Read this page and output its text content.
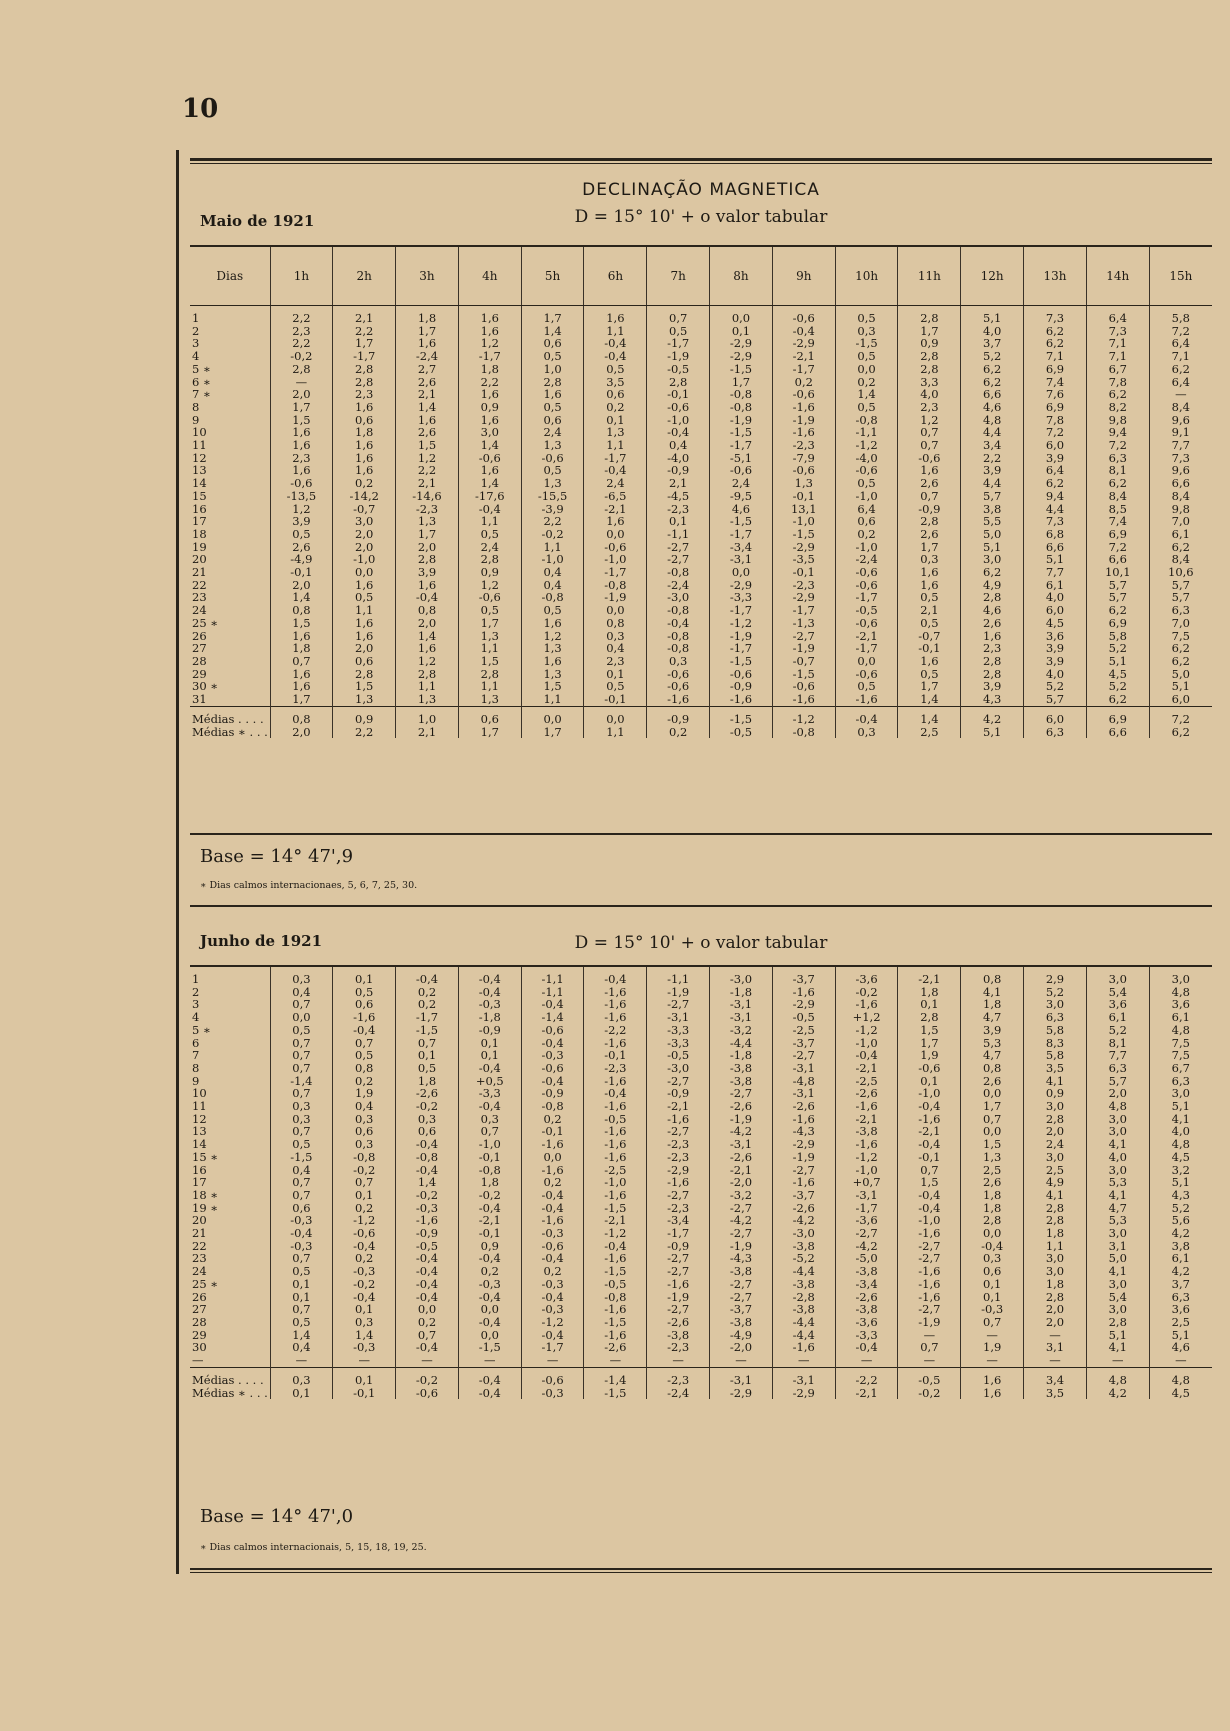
10
DECLINAÇÃO MAGNETICA
Maio de 1921	D = 15° 10' + o valor tabular
Dias	1h	2h	3h	4h	5h	6h	7h	8h	9h	10h	11h	12h	13h	14h	15h
1	2,2	2,1	1,8	1,6	1,7	1,6	0,7	0,0	-0,6	0,5	2,8	5,1	7,3	6,4	5,8
2	2,3	2,2	1,7	1,6	1,4	1,1	0,5	0,1	-0,4	0,3	1,7	4,0	6,2	7,3	7,2
3	2,2	1,7	1,6	1,2	0,6	-0,4	-1,7	-2,9	-2,9	-1,5	0,9	3,7	6,2	7,1	6,4
4	-0,2	-1,7	-2,4	-1,7	0,5	-0,4	-1,9	-2,9	-2,1	0,5	2,8	5,2	7,1	7,1	7,1
5 ∗	2,8	2,8	2,7	1,8	1,0	0,5	-0,5	-1,5	-1,7	0,0	2,8	6,2	6,9	6,7	6,2
6 ∗	—	2,8	2,6	2,2	2,8	3,5	2,8	1,7	0,2	0,2	3,3	6,2	7,4	7,8	6,4
7 ∗	2,0	2,3	2,1	1,6	1,6	0,6	-0,1	-0,8	-0,6	1,4	4,0	6,6	7,6	6,2	—
8	1,7	1,6	1,4	0,9	0,5	0,2	-0,6	-0,8	-1,6	0,5	2,3	4,6	6,9	8,2	8,4
9	1,5	0,6	1,6	1,6	0,6	0,1	-1,0	-1,9	-1,9	-0,8	1,2	4,8	7,8	9,8	9,6
10	1,6	1,8	2,6	3,0	2,4	1,3	-0,4	-1,5	-1,6	-1,1	0,7	4,4	7,2	9,4	9,1
11	1,6	1,6	1,5	1,4	1,3	1,1	0,4	-1,7	-2,3	-1,2	0,7	3,4	6,0	7,2	7,7
12	2,3	1,6	1,2	-0,6	-0,6	-1,7	-4,0	-5,1	-7,9	-4,0	-0,6	2,2	3,9	6,3	7,3
13	1,6	1,6	2,2	1,6	0,5	-0,4	-0,9	-0,6	-0,6	-0,6	1,6	3,9	6,4	8,1	9,6
14	-0,6	0,2	2,1	1,4	1,3	2,4	2,1	2,4	1,3	0,5	2,6	4,4	6,2	6,2	6,6
15	-13,5	-14,2	-14,6	-17,6	-15,5	-6,5	-4,5	-9,5	-0,1	-1,0	0,7	5,7	9,4	8,4	8,4
16	1,2	-0,7	-2,3	-0,4	-3,9	-2,1	-2,3	4,6	13,1	6,4	-0,9	3,8	4,4	8,5	9,8
17	3,9	3,0	1,3	1,1	2,2	1,6	0,1	-1,5	-1,0	0,6	2,8	5,5	7,3	7,4	7,0
18	0,5	2,0	1,7	0,5	-0,2	0,0	-1,1	-1,7	-1,5	0,2	2,6	5,0	6,8	6,9	6,1
19	2,6	2,0	2,0	2,4	1,1	-0,6	-2,7	-3,4	-2,9	-1,0	1,7	5,1	6,6	7,2	6,2
20	-4,9	-1,0	2,8	2,8	-1,0	-1,0	-2,7	-3,1	-3,5	-2,4	0,3	3,0	5,1	6,6	8,4
21	-0,1	0,0	3,9	0,9	0,4	-1,7	-0,8	0,0	-0,1	-0,6	1,6	6,2	7,7	10,1	10,6
22	2,0	1,6	1,6	1,2	0,4	-0,8	-2,4	-2,9	-2,3	-0,6	1,6	4,9	6,1	5,7	5,7
23	1,4	0,5	-0,4	-0,6	-0,8	-1,9	-3,0	-3,3	-2,9	-1,7	0,5	2,8	4,0	5,7	5,7
24	0,8	1,1	0,8	0,5	0,5	0,0	-0,8	-1,7	-1,7	-0,5	2,1	4,6	6,0	6,2	6,3
25 ∗	1,5	1,6	2,0	1,7	1,6	0,8	-0,4	-1,2	-1,3	-0,6	0,5	2,6	4,5	6,9	7,0
26	1,6	1,6	1,4	1,3	1,2	0,3	-0,8	-1,9	-2,7	-2,1	-0,7	1,6	3,6	5,8	7,5
27	1,8	2,0	1,6	1,1	1,3	0,4	-0,8	-1,7	-1,9	-1,7	-0,1	2,3	3,9	5,2	6,2
28	0,7	0,6	1,2	1,5	1,6	2,3	0,3	-1,5	-0,7	0,0	1,6	2,8	3,9	5,1	6,2
29	1,6	2,8	2,8	2,8	1,3	0,1	-0,6	-0,6	-1,5	-0,6	0,5	2,8	4,0	4,5	5,0
30 ∗	1,6	1,5	1,1	1,1	1,5	0,5	-0,6	-0,9	-0,6	0,5	1,7	3,9	5,2	5,2	5,1
31	1,7	1,3	1,3	1,3	1,1	-0,1	-1,6	-1,6	-1,6	-1,6	1,4	4,3	5,7	6,2	6,0
Médias . . . .	0,8	0,9	1,0	0,6	0,0	0,0	-0,9	-1,5	-1,2	-0,4	1,4	4,2	6,0	6,9	7,2
Médias ∗ . . .	2,0	2,2	2,1	1,7	1,7	1,1	0,2	-0,5	-0,8	0,3	2,5	5,1	6,3	6,6	6,2
Base = 14° 47',9
∗ Dias calmos internacionaes, 5, 6, 7, 25, 30.
Junho de 1921	D = 15° 10' + o valor tabular
1	0,3	0,1	-0,4	-0,4	-1,1	-0,4	-1,1	-3,0	-3,7	-3,6	-2,1	0,8	2,9	3,0	3,0
2	0,4	0,5	0,2	-0,4	-1,1	-1,6	-1,9	-1,8	-1,6	-0,2	1,8	4,1	5,2	5,4	4,8
3	0,7	0,6	0,2	-0,3	-0,4	-1,6	-2,7	-3,1	-2,9	-1,6	0,1	1,8	3,0	3,6	3,6
4	0,0	-1,6	-1,7	-1,8	-1,4	-1,6	-3,1	-3,1	-0,5	+1,2	2,8	4,7	6,3	6,1	6,1
5 ∗	0,5	-0,4	-1,5	-0,9	-0,6	-2,2	-3,3	-3,2	-2,5	-1,2	1,5	3,9	5,8	5,2	4,8
6	0,7	0,7	0,7	0,1	-0,4	-1,6	-3,3	-4,4	-3,7	-1,0	1,7	5,3	8,3	8,1	7,5
7	0,7	0,5	0,1	0,1	-0,3	-0,1	-0,5	-1,8	-2,7	-0,4	1,9	4,7	5,8	7,7	7,5
8	0,7	0,8	0,5	-0,4	-0,6	-2,3	-3,0	-3,8	-3,1	-2,1	-0,6	0,8	3,5	6,3	6,7
9	-1,4	0,2	1,8	+0,5	-0,4	-1,6	-2,7	-3,8	-4,8	-2,5	0,1	2,6	4,1	5,7	6,3
10	0,7	1,9	-2,6	-3,3	-0,9	-0,4	-0,9	-2,7	-3,1	-2,6	-1,0	0,0	0,9	2,0	3,0
11	0,3	0,4	-0,2	-0,4	-0,8	-1,6	-2,1	-2,6	-2,6	-1,6	-0,4	1,7	3,0	4,8	5,1
12	0,3	0,3	0,3	0,3	0,2	-0,5	-1,6	-1,9	-1,6	-2,1	-1,6	0,7	2,8	3,0	4,1
13	0,7	0,6	0,6	0,7	-0,1	-1,6	-2,7	-4,2	-4,3	-3,8	-2,1	0,0	2,0	3,0	4,0
14	0,5	0,3	-0,4	-1,0	-1,6	-1,6	-2,3	-3,1	-2,9	-1,6	-0,4	1,5	2,4	4,1	4,8
15 ∗	-1,5	-0,8	-0,8	-0,1	0,0	-1,6	-2,3	-2,6	-1,9	-1,2	-0,1	1,3	3,0	4,0	4,5
16	0,4	-0,2	-0,4	-0,8	-1,6	-2,5	-2,9	-2,1	-2,7	-1,0	0,7	2,5	2,5	3,0	3,2
17	0,7	0,7	1,4	1,8	0,2	-1,0	-1,6	-2,0	-1,6	+0,7	1,5	2,6	4,9	5,3	5,1
18 ∗	0,7	0,1	-0,2	-0,2	-0,4	-1,6	-2,7	-3,2	-3,7	-3,1	-0,4	1,8	4,1	4,1	4,3
19 ∗	0,6	0,2	-0,3	-0,4	-0,4	-1,5	-2,3	-2,7	-2,6	-1,7	-0,4	1,8	2,8	4,7	5,2
20	-0,3	-1,2	-1,6	-2,1	-1,6	-2,1	-3,4	-4,2	-4,2	-3,6	-1,0	2,8	2,8	5,3	5,6
21	-0,4	-0,6	-0,9	-0,1	-0,3	-1,2	-1,7	-2,7	-3,0	-2,7	-1,6	0,0	1,8	3,0	4,2
22	-0,3	-0,4	-0,5	0,9	-0,6	-0,4	-0,9	-1,9	-3,8	-4,2	-2,7	-0,4	1,1	3,1	3,8
23	0,7	0,2	-0,4	-0,4	-0,4	-1,6	-2,7	-4,3	-5,2	-5,0	-2,7	0,3	3,0	5,0	6,1
24	0,5	-0,3	-0,4	0,2	0,2	-1,5	-2,7	-3,8	-4,4	-3,8	-1,6	0,6	3,0	4,1	4,2
25 ∗	0,1	-0,2	-0,4	-0,3	-0,3	-0,5	-1,6	-2,7	-3,8	-3,4	-1,6	0,1	1,8	3,0	3,7
26	0,1	-0,4	-0,4	-0,4	-0,4	-0,8	-1,9	-2,7	-2,8	-2,6	-1,6	0,1	2,8	5,4	6,3
27	0,7	0,1	0,0	0,0	-0,3	-1,6	-2,7	-3,7	-3,8	-3,8	-2,7	-0,3	2,0	3,0	3,6
28	0,5	0,3	0,2	-0,4	-1,2	-1,5	-2,6	-3,8	-4,4	-3,6	-1,9	0,7	2,0	2,8	2,5
29	1,4	1,4	0,7	0,0	-0,4	-1,6	-3,8	-4,9	-4,4	-3,3	—	—	—	5,1	5,1
30	0,4	-0,3	-0,4	-1,5	-1,7	-2,6	-2,3	-2,0	-1,6	-0,4	0,7	1,9	3,1	4,1	4,6
—	—	—	—	—	—	—	—	—	—	—	—	—	—	—	—
Médias . . . .	0,3	0,1	-0,2	-0,4	-0,6	-1,4	-2,3	-3,1	-3,1	-2,2	-0,5	1,6	3,4	4,8	4,8
Médias ∗ . . .	0,1	-0,1	-0,6	-0,4	-0,3	-1,5	-2,4	-2,9	-2,9	-2,1	-0,2	1,6	3,5	4,2	4,5
Base = 14° 47',0
∗ Dias calmos internacionais, 5, 15, 18, 19, 25.
